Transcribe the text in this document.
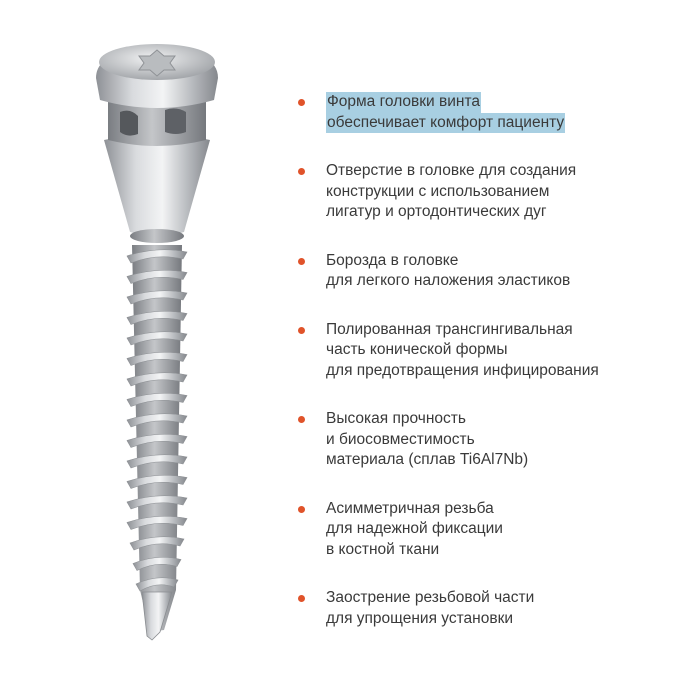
Форма головки винта
обеспечивает комфорт пациенту
Отверстие в головке для создания
конструкции с использованием
лигатур и ортодонтических дуг
Борозда в головке
для легкого наложения эластиков
Полированная трансгингивальная
часть конической формы
для предотвращения инфицирования
Высокая прочность
и биосовместимость
материала (сплав Ti6Al7Nb)
Асимметричная резьба
для надежной фиксации
в костной ткани
Заострение резьбовой части
для упрощения установки
